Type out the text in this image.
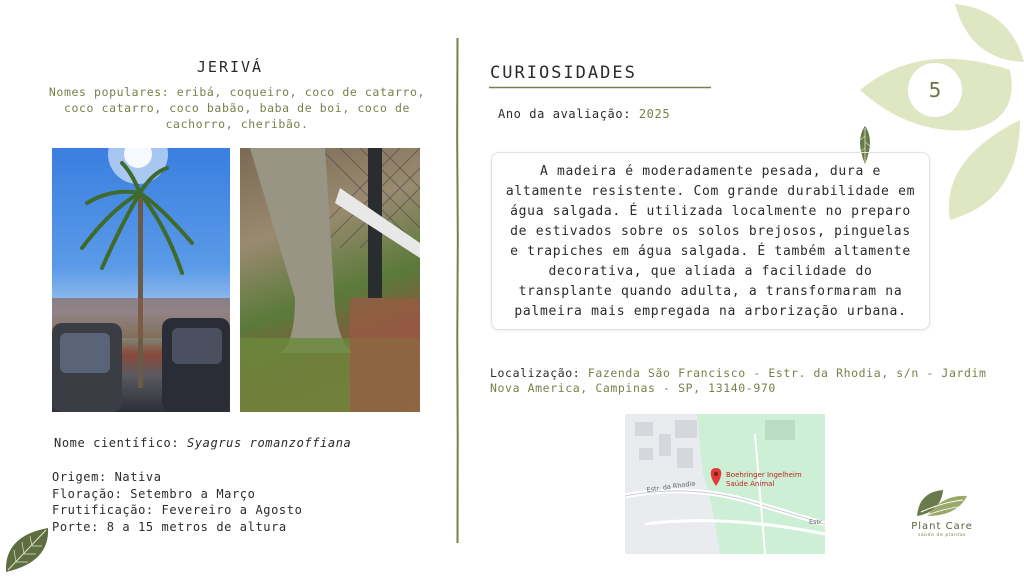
JERIVÁ
Nomes populares: eribá, coqueiro, coco de catarro, coco catarro, coco babão, baba de boi, coco de cachorro, cheribão.
Nome científico: Syagrus romanzoffiana
Origem: Nativa
Floração: Setembro a Março
Frutificação: Fevereiro a Agosto
Porte: 8 a 15 metros de altura
CURIOSIDADES
Ano da avaliação: 2025
A madeira é moderadamente pesada, dura e altamente resistente. Com grande durabilidade em água salgada. É utilizada localmente no preparo de estivados sobre os solos brejosos, pinguelas e trapiches em água salgada. É também altamente decorativa, que aliada a facilidade do transplante quando adulta, a transformaram na palmeira mais empregada na arborização urbana.
Localização: Fazenda São Francisco - Estr. da Rhodia, s/n - Jardim Nova America, Campinas - SP, 13140-970
Estr. da Rhodia
Estr
Boehringer Ingelheim
Saúde Animal
5
Plant Care
saúde de plantas
